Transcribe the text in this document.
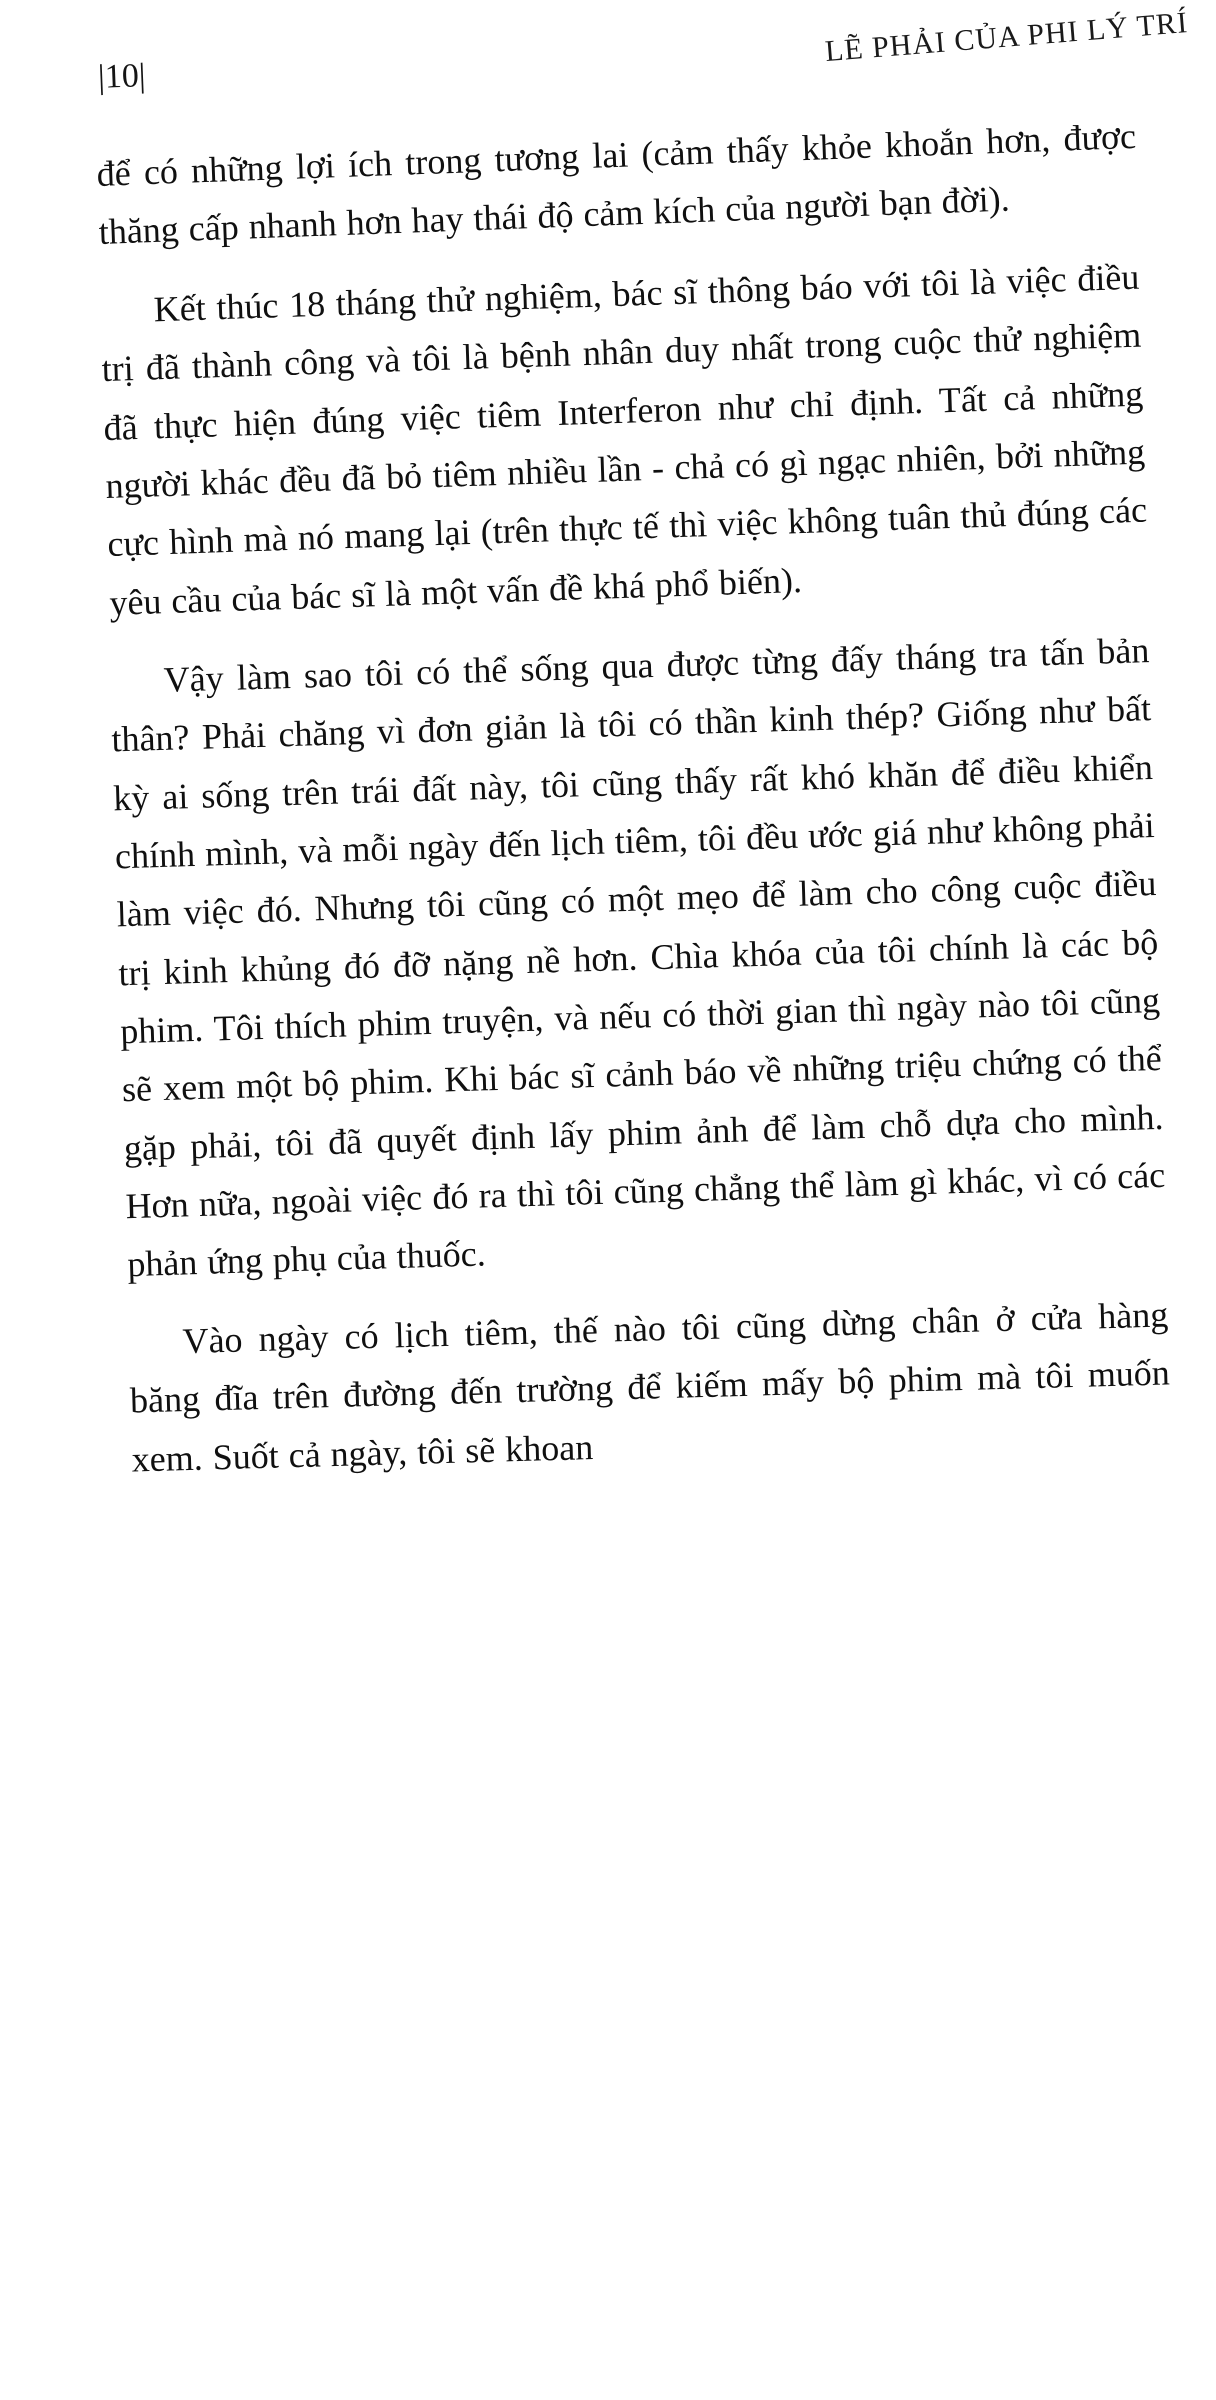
LẼ PHẢI CỦA PHI LÝ TRÍ
|10|

để có những lợi ích trong tương lai (cảm thấy khỏe khoắn hơn, được thăng cấp nhanh hơn hay thái độ cảm kích của người bạn đời).

Kết thúc 18 tháng thử nghiệm, bác sĩ thông báo với tôi là việc điều trị đã thành công và tôi là bệnh nhân duy nhất trong cuộc thử nghiệm đã thực hiện đúng việc tiêm Interferon như chỉ định. Tất cả những người khác đều đã bỏ tiêm nhiều lần - chả có gì ngạc nhiên, bởi những cực hình mà nó mang lại (trên thực tế thì việc không tuân thủ đúng các yêu cầu của bác sĩ là một vấn đề khá phổ biến).

Vậy làm sao tôi có thể sống qua được từng đấy tháng tra tấn bản thân? Phải chăng vì đơn giản là tôi có thần kinh thép? Giống như bất kỳ ai sống trên trái đất này, tôi cũng thấy rất khó khăn để điều khiển chính mình, và mỗi ngày đến lịch tiêm, tôi đều ước giá như không phải làm việc đó. Nhưng tôi cũng có một mẹo để làm cho công cuộc điều trị kinh khủng đó đỡ nặng nề hơn. Chìa khóa của tôi chính là các bộ phim. Tôi thích phim truyện, và nếu có thời gian thì ngày nào tôi cũng sẽ xem một bộ phim. Khi bác sĩ cảnh báo về những triệu chứng có thể gặp phải, tôi đã quyết định lấy phim ảnh để làm chỗ dựa cho mình. Hơn nữa, ngoài việc đó ra thì tôi cũng chẳng thể làm gì khác, vì có các phản ứng phụ của thuốc.

Vào ngày có lịch tiêm, thế nào tôi cũng dừng chân ở cửa hàng băng đĩa trên đường đến trường để kiếm mấy bộ phim mà tôi muốn xem. Suốt cả ngày, tôi sẽ khoan
